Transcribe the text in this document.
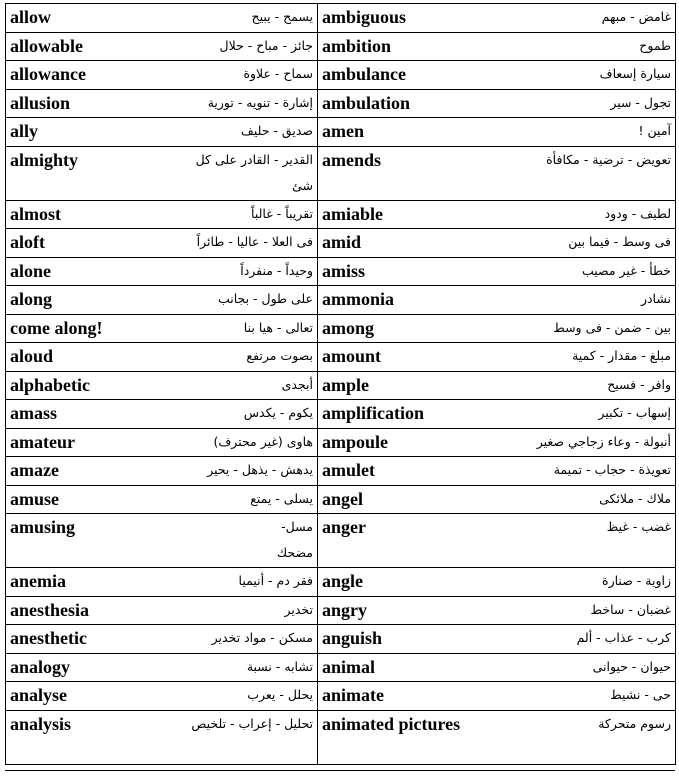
allow يسمح - يبيح	ambiguous غامض - مبهم

allowable جائز - مباح - حلال	ambition طموح

allowance سماح - علاوة	ambulance سيارة إسعاف

allusion إشارة - تنويه - تورية	ambulation تجول - سير

ally صديق - حليف	amen آمين !

almighty القدير - القادر على كل شئ	amends تعويض - ترضية - مكافأة

almost تقريباً - غالباً	amiable لطيف - ودود

aloft فى العلا - عاليا - طائراً	amid فى وسط - فيما بين

alone وحيداً - منفرداً	amiss خطأ - غير مصيب

along على طول - بجانب	ammonia نشادر

come along! تعالى - هيا بنا	among بين - ضمن - فى وسط

aloud بصوت مرتفع	amount مبلغ - مقدار - كمية

alphabetic أبجدى	ample وافر - فسيح

amass يكوم - يكدس	amplification إسهاب - تكبير

amateur هاوى (غير محترف)	ampoule أنبولة - وعاء زجاجي صغير

amaze يدهش - يذهل - يحير	amulet تعويذة - حجاب - تميمة

amuse يسلى - يمتع	angel ملاك - ملائكى

amusing مسل- مضحك	anger غضب - غيظ

anemia فقر دم - أنيميا	angle زاوية - صنارة

anesthesia تخدير	angry غضبان - ساخط

anesthetic مسكن - مواد تخدير	anguish كرب - عذاب - ألم

analogy تشابه - نسبة	animal حيوان - حيوانى

analyse يحلل - يعرب	animate حى - نشيط

analysis تحليل - إعراب - تلخيص	animated pictures رسوم متحركة
